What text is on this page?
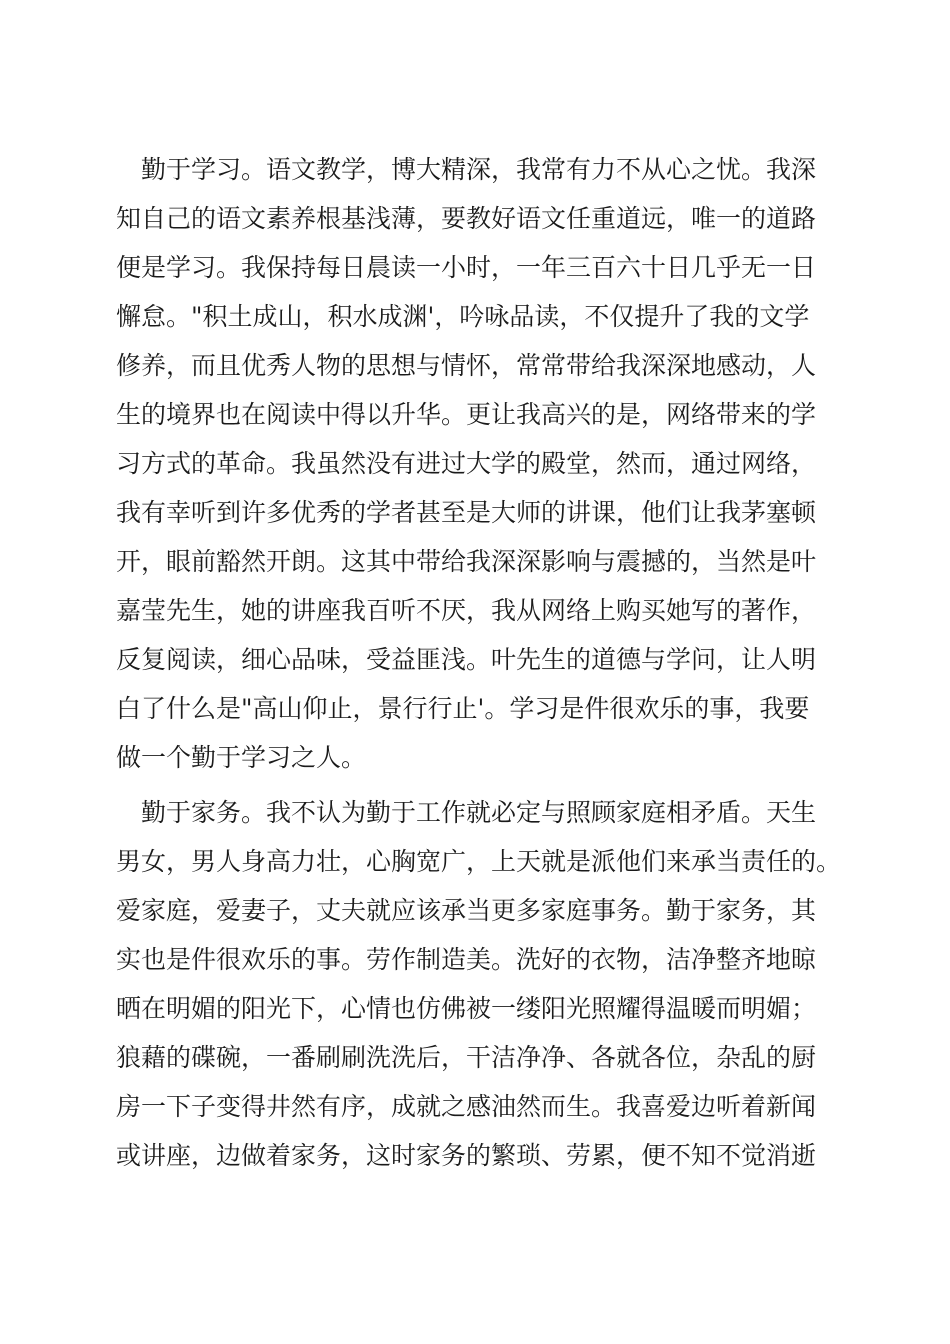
勤于学习。语文教学，博大精深，我常有力不从心之忧。我深
知自己的语文素养根基浅薄，要教好语文任重道远，唯一的道路
便是学习。我保持每日晨读一小时，一年三百六十日几乎无一日
懈怠。"积土成山，积水成渊'，吟咏品读，不仅提升了我的文学
修养，而且优秀人物的思想与情怀，常常带给我深深地感动，人
生的境界也在阅读中得以升华。更让我高兴的是，网络带来的学
习方式的革命。我虽然没有进过大学的殿堂，然而，通过网络，
我有幸听到许多优秀的学者甚至是大师的讲课，他们让我茅塞顿
开，眼前豁然开朗。这其中带给我深深影响与震撼的，当然是叶
嘉莹先生，她的讲座我百听不厌，我从网络上购买她写的著作，
反复阅读，细心品味，受益匪浅。叶先生的道德与学问，让人明
白了什么是"高山仰止，景行行止'。学习是件很欢乐的事，我要
做一个勤于学习之人。
勤于家务。我不认为勤于工作就必定与照顾家庭相矛盾。天生
男女，男人身高力壮，心胸宽广，上天就是派他们来承当责任的。
爱家庭，爱妻子，丈夫就应该承当更多家庭事务。勤于家务，其
实也是件很欢乐的事。劳作制造美。洗好的衣物，洁净整齐地晾
晒在明媚的阳光下，心情也仿佛被一缕阳光照耀得温暖而明媚；
狼藉的碟碗，一番刷刷洗洗后，干洁净净、各就各位，杂乱的厨
房一下子变得井然有序，成就之感油然而生。我喜爱边听着新闻
或讲座，边做着家务，这时家务的繁琐、劳累，便不知不觉消逝
